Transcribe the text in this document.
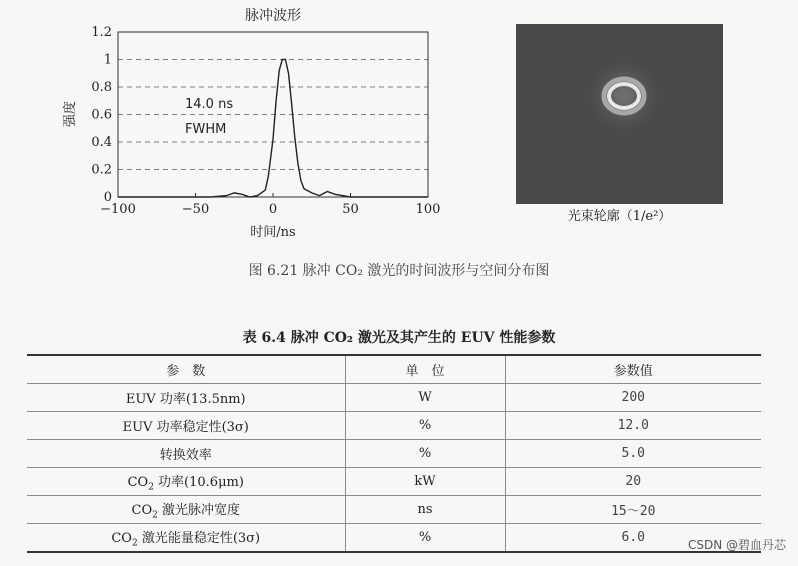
脉冲波形
0
0.2
0.4
0.6
0.8
1
1.2
−100	−50	0	50	100
14.0 ns
FWHM
时间/ns
强度
光束轮廓（1/e²）
图 6.21 脉冲 CO₂ 激光的时间波形与空间分布图
表 6.4 脉冲 CO₂ 激光及其产生的 EUV 性能参数
参　数	单　位	参数值
EUV 功率(13.5nm)	W	200
EUV 功率稳定性(3σ)	%	12.0
转换效率	%	5.0
$CO_2$ 功率(10.6μm)	kW	20
$CO_2$ 激光脉冲宽度	ns	15～20
$CO_2$ 激光能量稳定性(3σ)	%	6.0	CSDN @碧血丹芯
